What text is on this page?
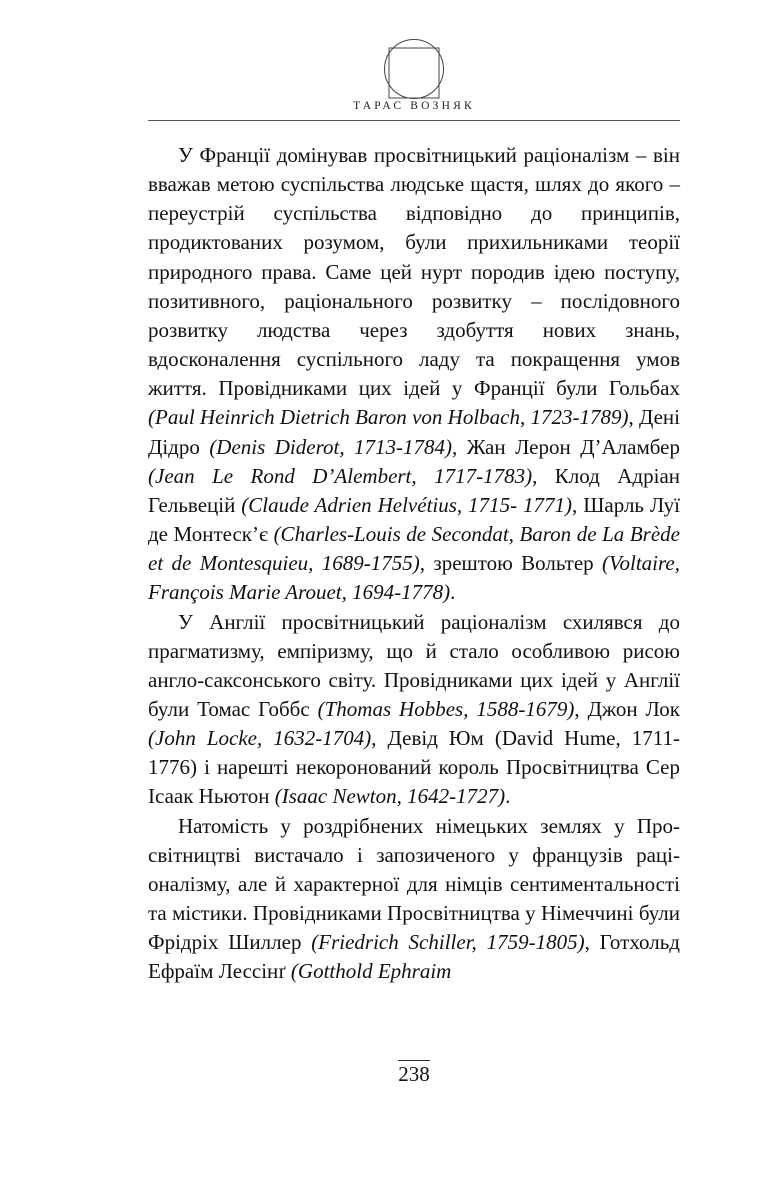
ТАРАС ВОЗНЯК

У Франції домінував просвітницький раціоналізм – він вважав метою суспільства людське щастя, шлях до якого – переустрій суспільства відповідно до принципів, продиктованих розумом, були прихильниками теорії природного права. Саме цей нурт породив ідею поступу, позитивного, раціонального розвитку – послідовного розвитку людства через здобуття нових знань, вдосконалення суспільного ладу та покращення умов життя. Провідниками цих ідей у Франції були Гольбах (Paul Heinrich Dietrich Baron von Holbach, 1723-1789), Дені Дідро (Denis Diderot, 1713-1784), Жан Лерон Д’Аламбер (Jean Le Rond D’Alembert, 1717-1783), Клод Адріан Гельвецій (Claude Adrien Helvétius, 1715- 1771), Шарль Луї де Монтеск’є (Charles-Louis de Secondat, Baron de La Brède et de Montesquieu, 1689-1755), зрештою Вольтер (Voltaire, François Marie Arouet, 1694-1778).

У Англії просвітницький раціоналізм схилявся до прагматизму, емпіризму, що й стало особливою рисою англо-саксонського світу. Провідниками цих ідей у Англії були Томас Гоббс (Thomas Hobbes, 1588-1679), Джон Лок (John Locke, 1632-1704), Девід Юм (David Hume, 1711-1776) і нарешті некоронований король Просвітництва Сер Ісаак Ньютон (Isaac Newton, 1642-1727).

Натомість у роздрібнених німецьких землях у Просвітництві вистачало і запозиченого у французів раціоналізму, але й характерної для німців сентиментальності та містики. Провідниками Просвітництва у Німеччині були Фрідріх Шиллер (Friedrich Schiller, 1759-1805), Готхольд Ефраїм Лессінґ (Gotthold Ephraim

238
